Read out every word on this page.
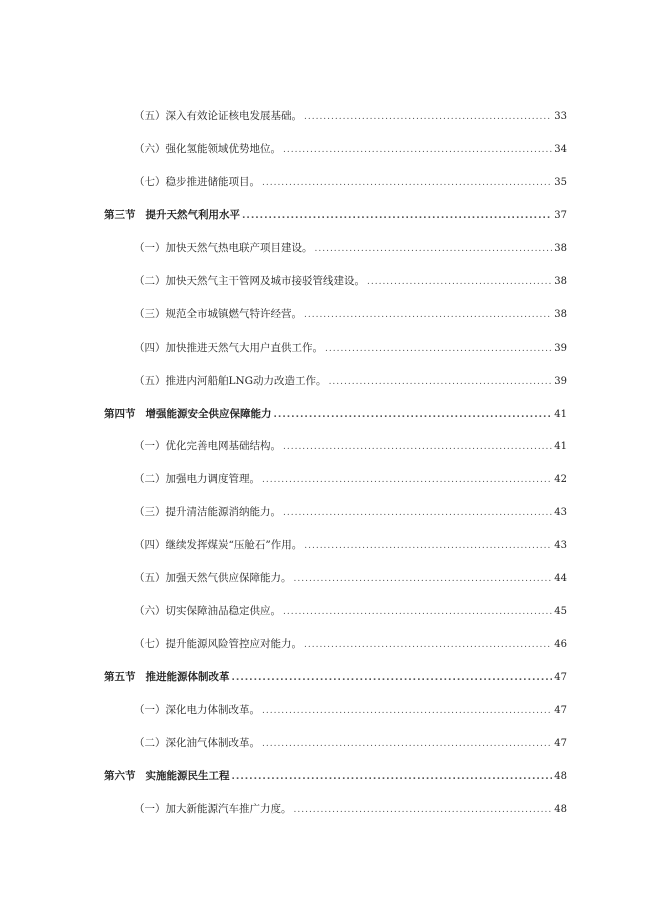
（五）深入有效论证核电发展基础。 .....	33
（六）强化氢能领域优势地位。 .....	34
（七）稳步推进储能项目。 .....	35
第三节 提升天然气利用水平 .....	37
（一）加快天然气热电联产项目建设。 .....	38
（二）加快天然气主干管网及城市接驳管线建设。 .....	38
（三）规范全市城镇燃气特许经营。 .....	38
（四）加快推进天然气大用户直供工作。 .....	39
（五）推进内河船舶LNG动力改造工作。 .....	39
第四节 增强能源安全供应保障能力 .....	41
（一）优化完善电网基础结构。 .....	41
（二）加强电力调度管理。 .....	42
（三）提升清洁能源消纳能力。 .....	43
（四）继续发挥煤炭“压舱石”作用。 .....	43
（五）加强天然气供应保障能力。 .....	44
（六）切实保障油品稳定供应。 .....	45
（七）提升能源风险管控应对能力。 .....	46
第五节 推进能源体制改革 .....	47
（一）深化电力体制改革。 .....	47
（二）深化油气体制改革。 .....	47
第六节 实施能源民生工程 .....	48
（一）加大新能源汽车推广力度。 .....	48
